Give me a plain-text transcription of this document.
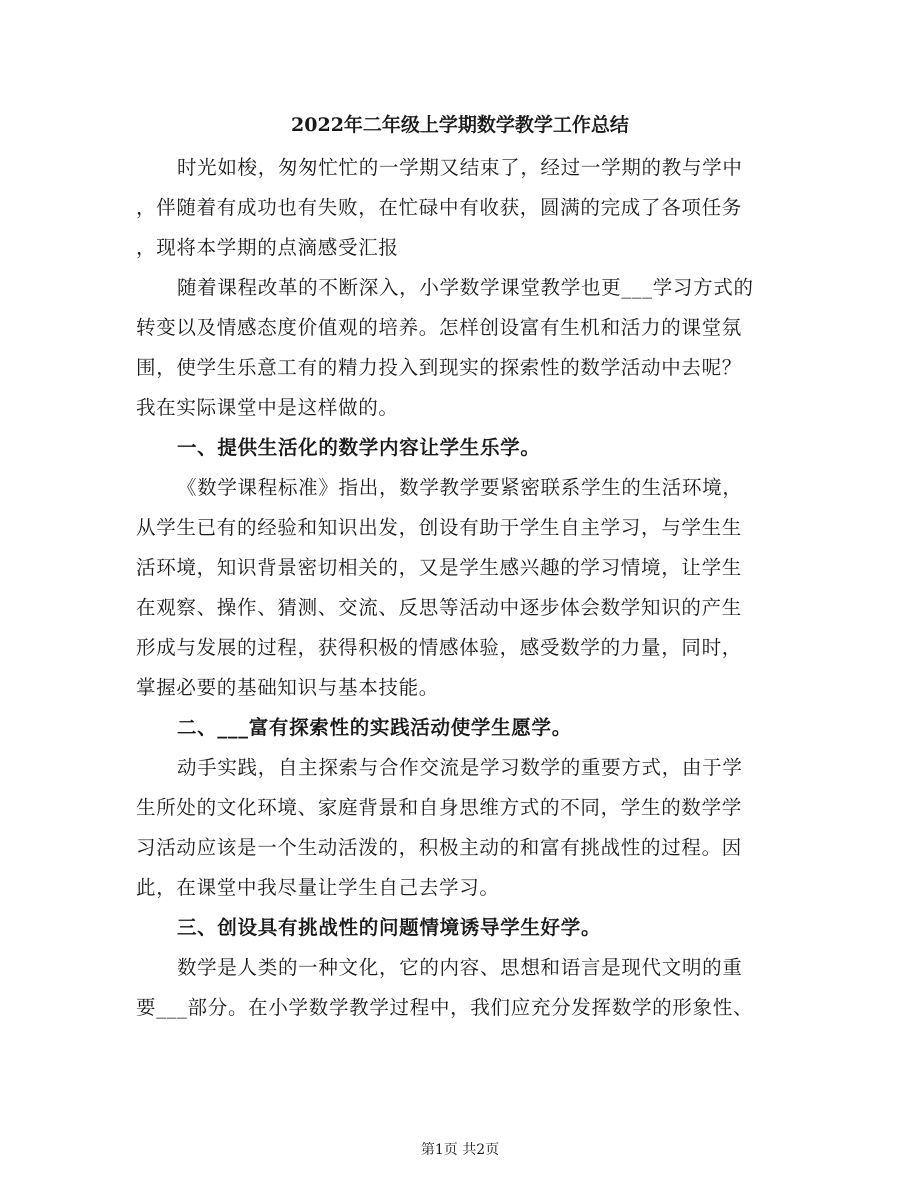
2022年二年级上学期数学教学工作总结

时光如梭，匆匆忙忙的一学期又结束了，经过一学期的教与学中
，伴随着有成功也有失败，在忙碌中有收获，圆满的完成了各项任务
，现将本学期的点滴感受汇报

随着课程改革的不断深入，小学数学课堂教学也更___学习方式的
转变以及情感态度价值观的培养。怎样创设富有生机和活力的课堂氛
围，使学生乐意工有的精力投入到现实的探索性的数学活动中去呢？
我在实际课堂中是这样做的。

一、提供生活化的数学内容让学生乐学。

《数学课程标准》指出，数学教学要紧密联系学生的生活环境，
从学生已有的经验和知识出发，创设有助于学生自主学习，与学生生
活环境，知识背景密切相关的，又是学生感兴趣的学习情境，让学生
在观察、操作、猜测、交流、反思等活动中逐步体会数学知识的产生
形成与发展的过程，获得积极的情感体验，感受数学的力量，同时，
掌握必要的基础知识与基本技能。

二、___富有探索性的实践活动使学生愿学。

动手实践，自主探索与合作交流是学习数学的重要方式，由于学
生所处的文化环境、家庭背景和自身思维方式的不同，学生的数学学
习活动应该是一个生动活泼的，积极主动的和富有挑战性的过程。因
此，在课堂中我尽量让学生自己去学习。

三、创设具有挑战性的问题情境诱导学生好学。

数学是人类的一种文化，它的内容、思想和语言是现代文明的重
要___部分。在小学数学教学过程中，我们应充分发挥数学的形象性、

第1页 共2页
